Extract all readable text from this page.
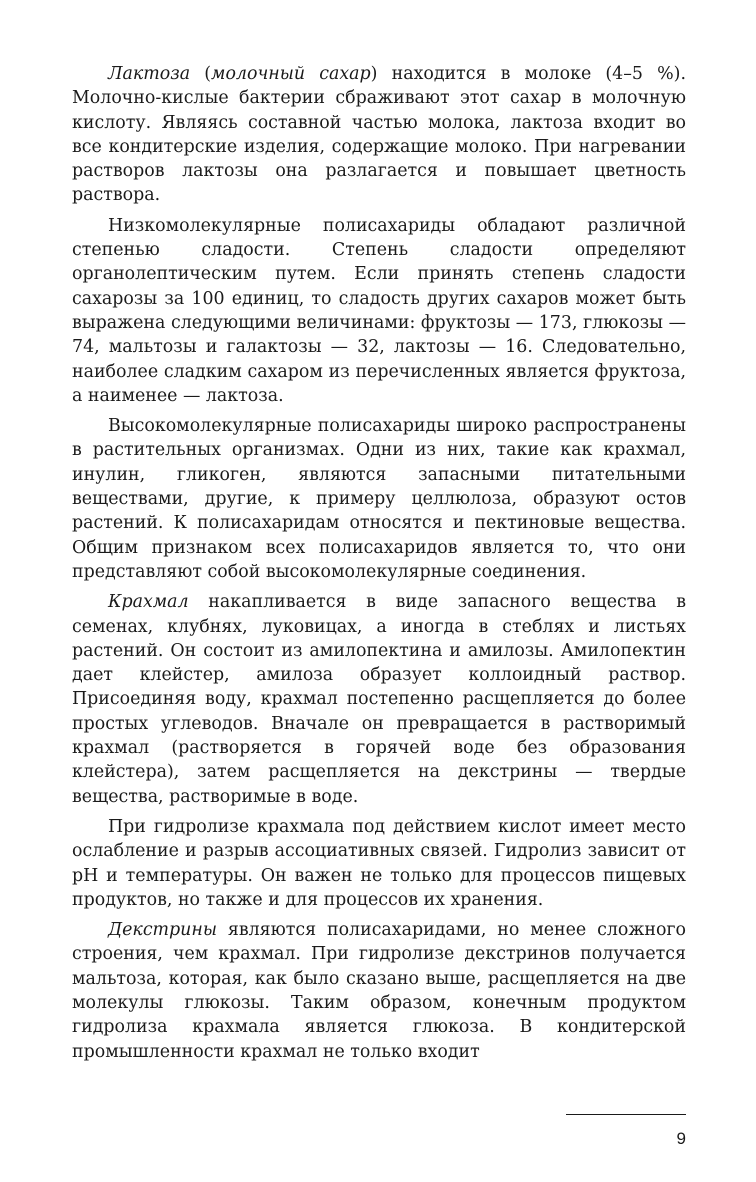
Лактоза (молочный сахар) находится в молоке (4–5 %). Молочно-кислые бактерии сбраживают этот сахар в молочную кислоту. Являясь составной частью молока, лактоза входит во все кондитерские изделия, содержащие молоко. При нагревании растворов лактозы она разлагается и повышает цветность раствора.

Низкомолекулярные полисахариды обладают различной степенью сладости. Степень сладости определяют органолептическим путем. Если принять степень сладости сахарозы за 100 единиц, то сладость других сахаров может быть выражена следующими величинами: фруктозы — 173, глюкозы — 74, мальтозы и галактозы — 32, лактозы — 16. Следовательно, наиболее сладким сахаром из перечисленных является фруктоза, а наименее — лактоза.

Высокомолекулярные полисахариды широко распространены в растительных организмах. Одни из них, такие как крахмал, инулин, гликоген, являются запасными питательными веществами, другие, к примеру целлюлоза, образуют остов растений. К полисахаридам относятся и пектиновые вещества. Общим признаком всех полисахаридов является то, что они представляют собой высокомолекулярные соединения.

Крахмал накапливается в виде запасного вещества в семенах, клубнях, луковицах, а иногда в стеблях и листьях растений. Он состоит из амилопектина и амилозы. Амилопектин дает клейстер, амилоза образует коллоидный раствор. Присоединяя воду, крахмал постепенно расщепляется до более простых углеводов. Вначале он превращается в растворимый крахмал (растворяется в горячей воде без образования клейстера), затем расщепляется на декстрины — твердые вещества, растворимые в воде.

При гидролизе крахмала под действием кислот имеет место ослабление и разрыв ассоциативных связей. Гидролиз зависит от рН и температуры. Он важен не только для процессов пищевых продуктов, но также и для процессов их хранения.

Декстрины являются полисахаридами, но менее сложного строения, чем крахмал. При гидролизе декстринов получается мальтоза, которая, как было сказано выше, расщепляется на две молекулы глюкозы. Таким образом, конечным продуктом гидролиза крахмала является глюкоза. В кондитерской промышленности крахмал не только входит

9
